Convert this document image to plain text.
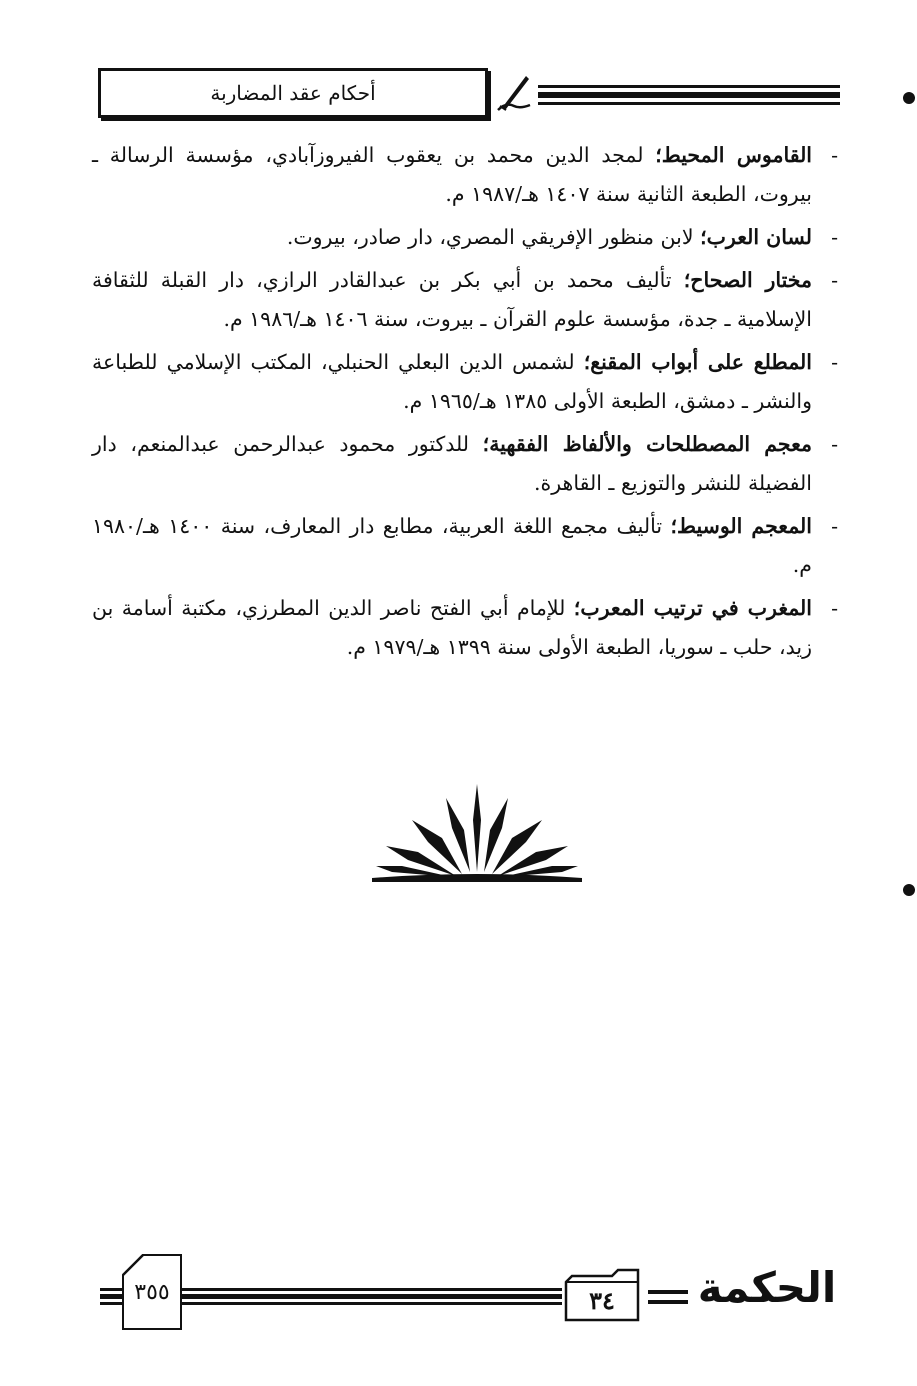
أحكام عقد المضاربة
-
القاموس المحيط؛ لمجد الدين محمد بن يعقوب الفيروزآبادي، مؤسسة الرسالة ـ بيروت، الطبعة الثانية سنة ١٤٠٧ هـ/١٩٨٧ م.
-
لسان العرب؛ لابن منظور الإفريقي المصري، دار صادر، بيروت.
-
مختار الصحاح؛ تأليف محمد بن أبي بكر بن عبدالقادر الرازي، دار القبلة للثقافة الإسلامية ـ جدة، مؤسسة علوم القرآن ـ بيروت، سنة ١٤٠٦ هـ/١٩٨٦ م.
-
المطلع على أبواب المقنع؛ لشمس الدين البعلي الحنبلي، المكتب الإسلامي للطباعة والنشر ـ دمشق، الطبعة الأولى ١٣٨٥ هـ/١٩٦٥ م.
-
معجم المصطلحات والألفاظ الفقهية؛ للدكتور محمود عبدالرحمن عبدالمنعم، دار الفضيلة للنشر والتوزيع ـ القاهرة.
-
المعجم الوسيط؛ تأليف مجمع اللغة العربية، مطابع دار المعارف، سنة ١٤٠٠ هـ/١٩٨٠ م.
-
المغرب في ترتيب المعرب؛ للإمام أبي الفتح ناصر الدين المطرزي، مكتبة أسامة بن زيد، حلب ـ سوريا، الطبعة الأولى سنة ١٣٩٩ هـ/١٩٧٩ م.
٣٥٥	٣٤	الحكمة
